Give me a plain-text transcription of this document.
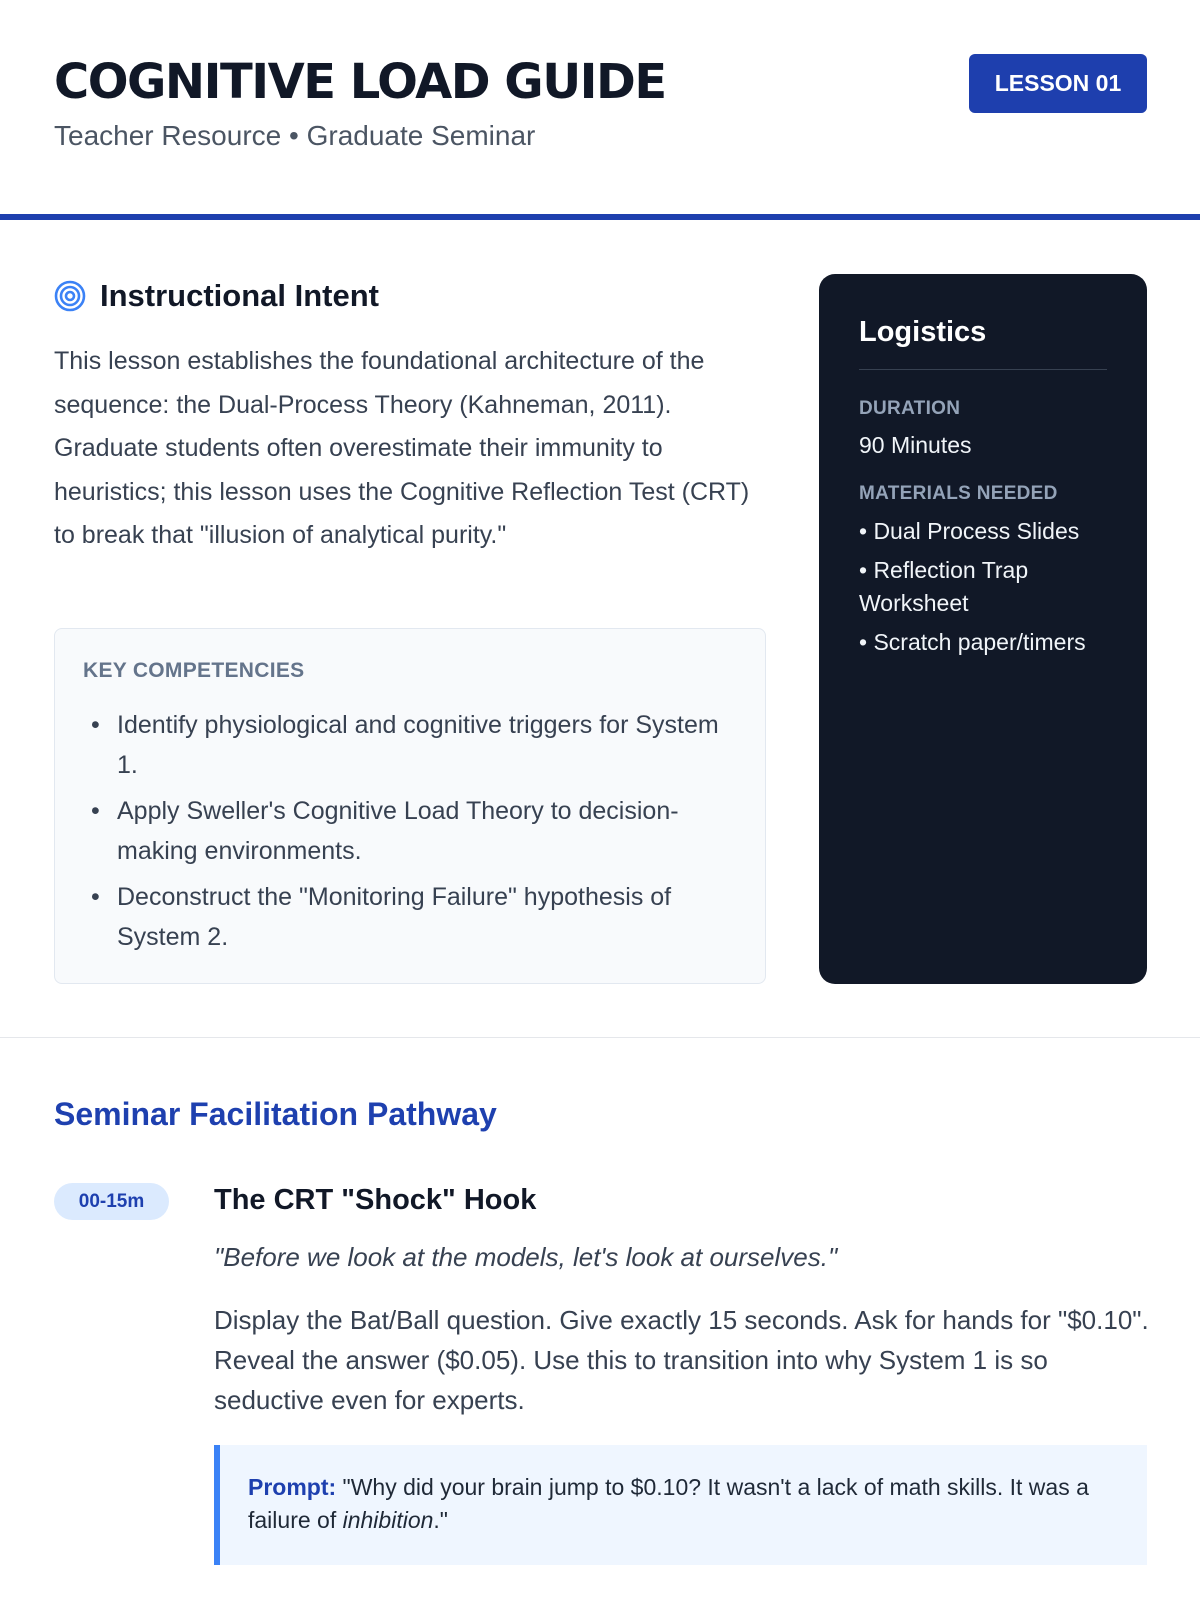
COGNITIVE LOAD GUIDE
Teacher Resource • Graduate Seminar
LESSON 01
Instructional Intent

This lesson establishes the foundational architecture of the sequence: the Dual-Process Theory (Kahneman, 2011). Graduate students often overestimate their immunity to heuristics; this lesson uses the Cognitive Reflection Test (CRT) to break that "illusion of analytical purity."

KEY COMPETENCIES
• Identify physiological and cognitive triggers for System 1.
• Apply Sweller's Cognitive Load Theory to decision-making environments.
• Deconstruct the "Monitoring Failure" hypothesis of System 2.
Logistics
DURATION
90 Minutes
MATERIALS NEEDED
• Dual Process Slides
• Reflection Trap Worksheet
• Scratch paper/timers
Seminar Facilitation Pathway
00-15m	The CRT "Shock" Hook
"Before we look at the models, let's look at ourselves."

Display the Bat/Ball question. Give exactly 15 seconds. Ask for hands for "$0.10". Reveal the answer ($0.05). Use this to transition into why System 1 is so seductive even for experts.

Prompt: "Why did your brain jump to $0.10? It wasn't a lack of math skills. It was a failure of inhibition."
